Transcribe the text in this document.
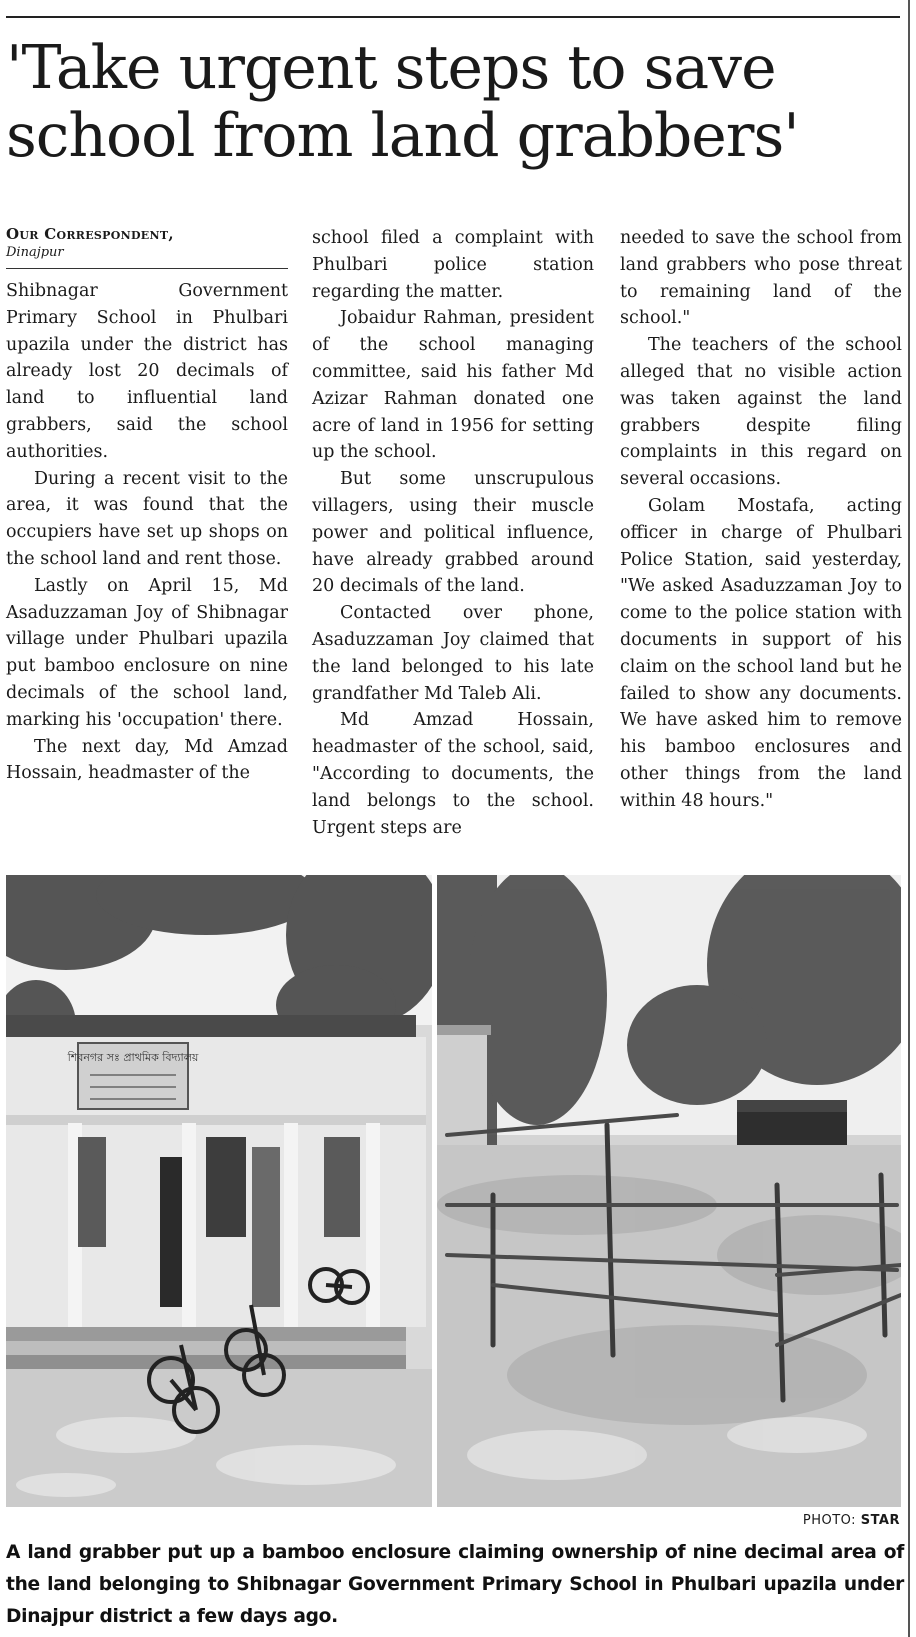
'Take urgent steps to save school from land grabbers'

Our Correspondent,

Dinajpur

Shibnagar Government Primary School in Phulbari upazila under the district has already lost 20 decimals of land to influential land grabbers, said the school authorities.

During a recent visit to the area, it was found that the occupiers have set up shops on the school land and rent those.

Lastly on April 15, Md Asaduzzaman Joy of Shibnagar village under Phulbari upazila put bamboo enclosure on nine decimals of the school land, marking his 'occupation' there.

The next day, Md Amzad Hossain, headmaster of the

school filed a complaint with Phulbari police station regarding the matter.

Jobaidur Rahman, president of the school managing committee, said his father Md Azizar Rahman donated one acre of land in 1956 for setting up the school.

But some unscrupulous villagers, using their muscle power and political influence, have already grabbed around 20 decimals of the land.

Contacted over phone, Asaduzzaman Joy claimed that the land belonged to his late grandfather Md Taleb Ali.

Md Amzad Hossain, headmaster of the school, said, "According to documents, the land belongs to the school. Urgent steps are

needed to save the school from land grabbers who pose threat to remaining land of the school."

The teachers of the school alleged that no visible action was taken against the land grabbers despite filing complaints in this regard on several occasions.

Golam Mostafa, acting officer in charge of Phulbari Police Station, said yesterday, "We asked Asaduzzaman Joy to come to the police station with documents in support of his claim on the school land but he failed to show any documents. We have asked him to remove his bamboo enclosures and other things from the land within 48 hours."

শিবনগর সঃ প্রাথমিক বিদ্যালয়
PHOTO: STAR

A land grabber put up a bamboo enclosure claiming ownership of nine decimal area of the land belonging to Shibnagar Government Primary School in Phulbari upazila under Dinajpur district a few days ago.
